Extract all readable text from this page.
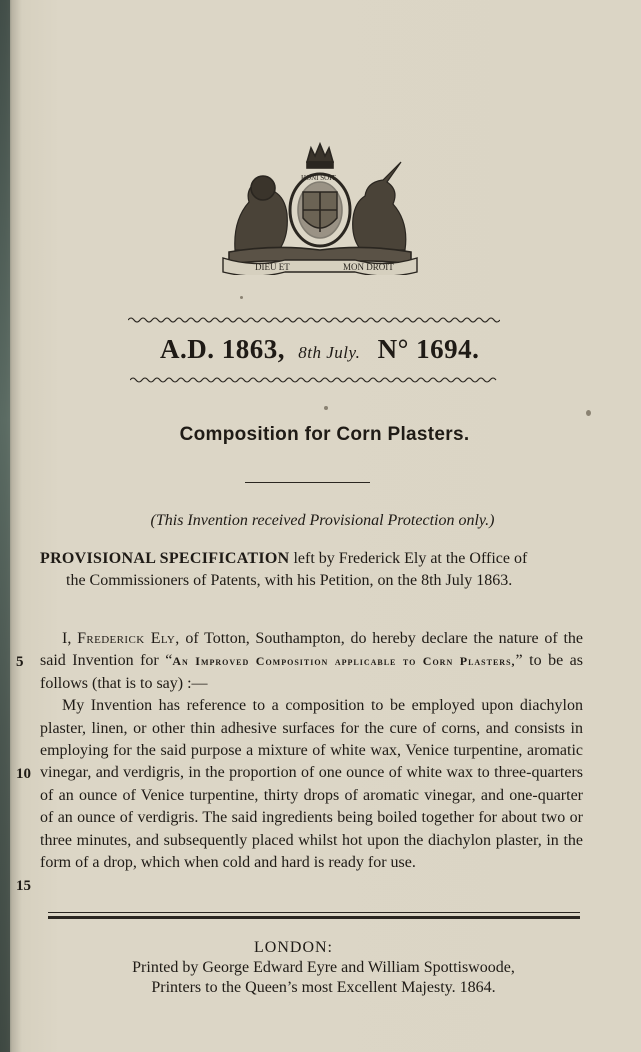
DIEU ET	MON DROIT
HONI SOIT
A.D. 1863, 8th July. N° 1694.
Composition for Corn Plasters.
(This Invention received Provisional Protection only.)
PROVISIONAL SPECIFICATION left by Frederick Ely at the Office of
the Commissioners of Patents, with his Petition, on the 8th July 1863.

I, Frederick Ely, of Totton, Southampton, do hereby declare the nature of the said Invention for “An Improved Composition applicable to Corn Plasters,” to be as follows (that is to say) :—

My Invention has reference to a composition to be employed upon diachylon plaster, linen, or other thin adhesive surfaces for the cure of corns, and consists in employing for the said purpose a mixture of white wax, Venice turpentine, aromatic vinegar, and verdigris, in the proportion of one ounce of white wax to three-quarters of an ounce of Venice turpentine, thirty drops of aromatic vinegar, and one-quarter of an ounce of verdigris. The said ingredients being boiled together for about two or three minutes, and subsequently placed whilst hot upon the diachylon plaster, in the form of a drop, which when cold and hard is ready for use.

5
10
15
LONDON:
Printed by George Edward Eyre and William Spottiswoode,
Printers to the Queen’s most Excellent Majesty. 1864.
